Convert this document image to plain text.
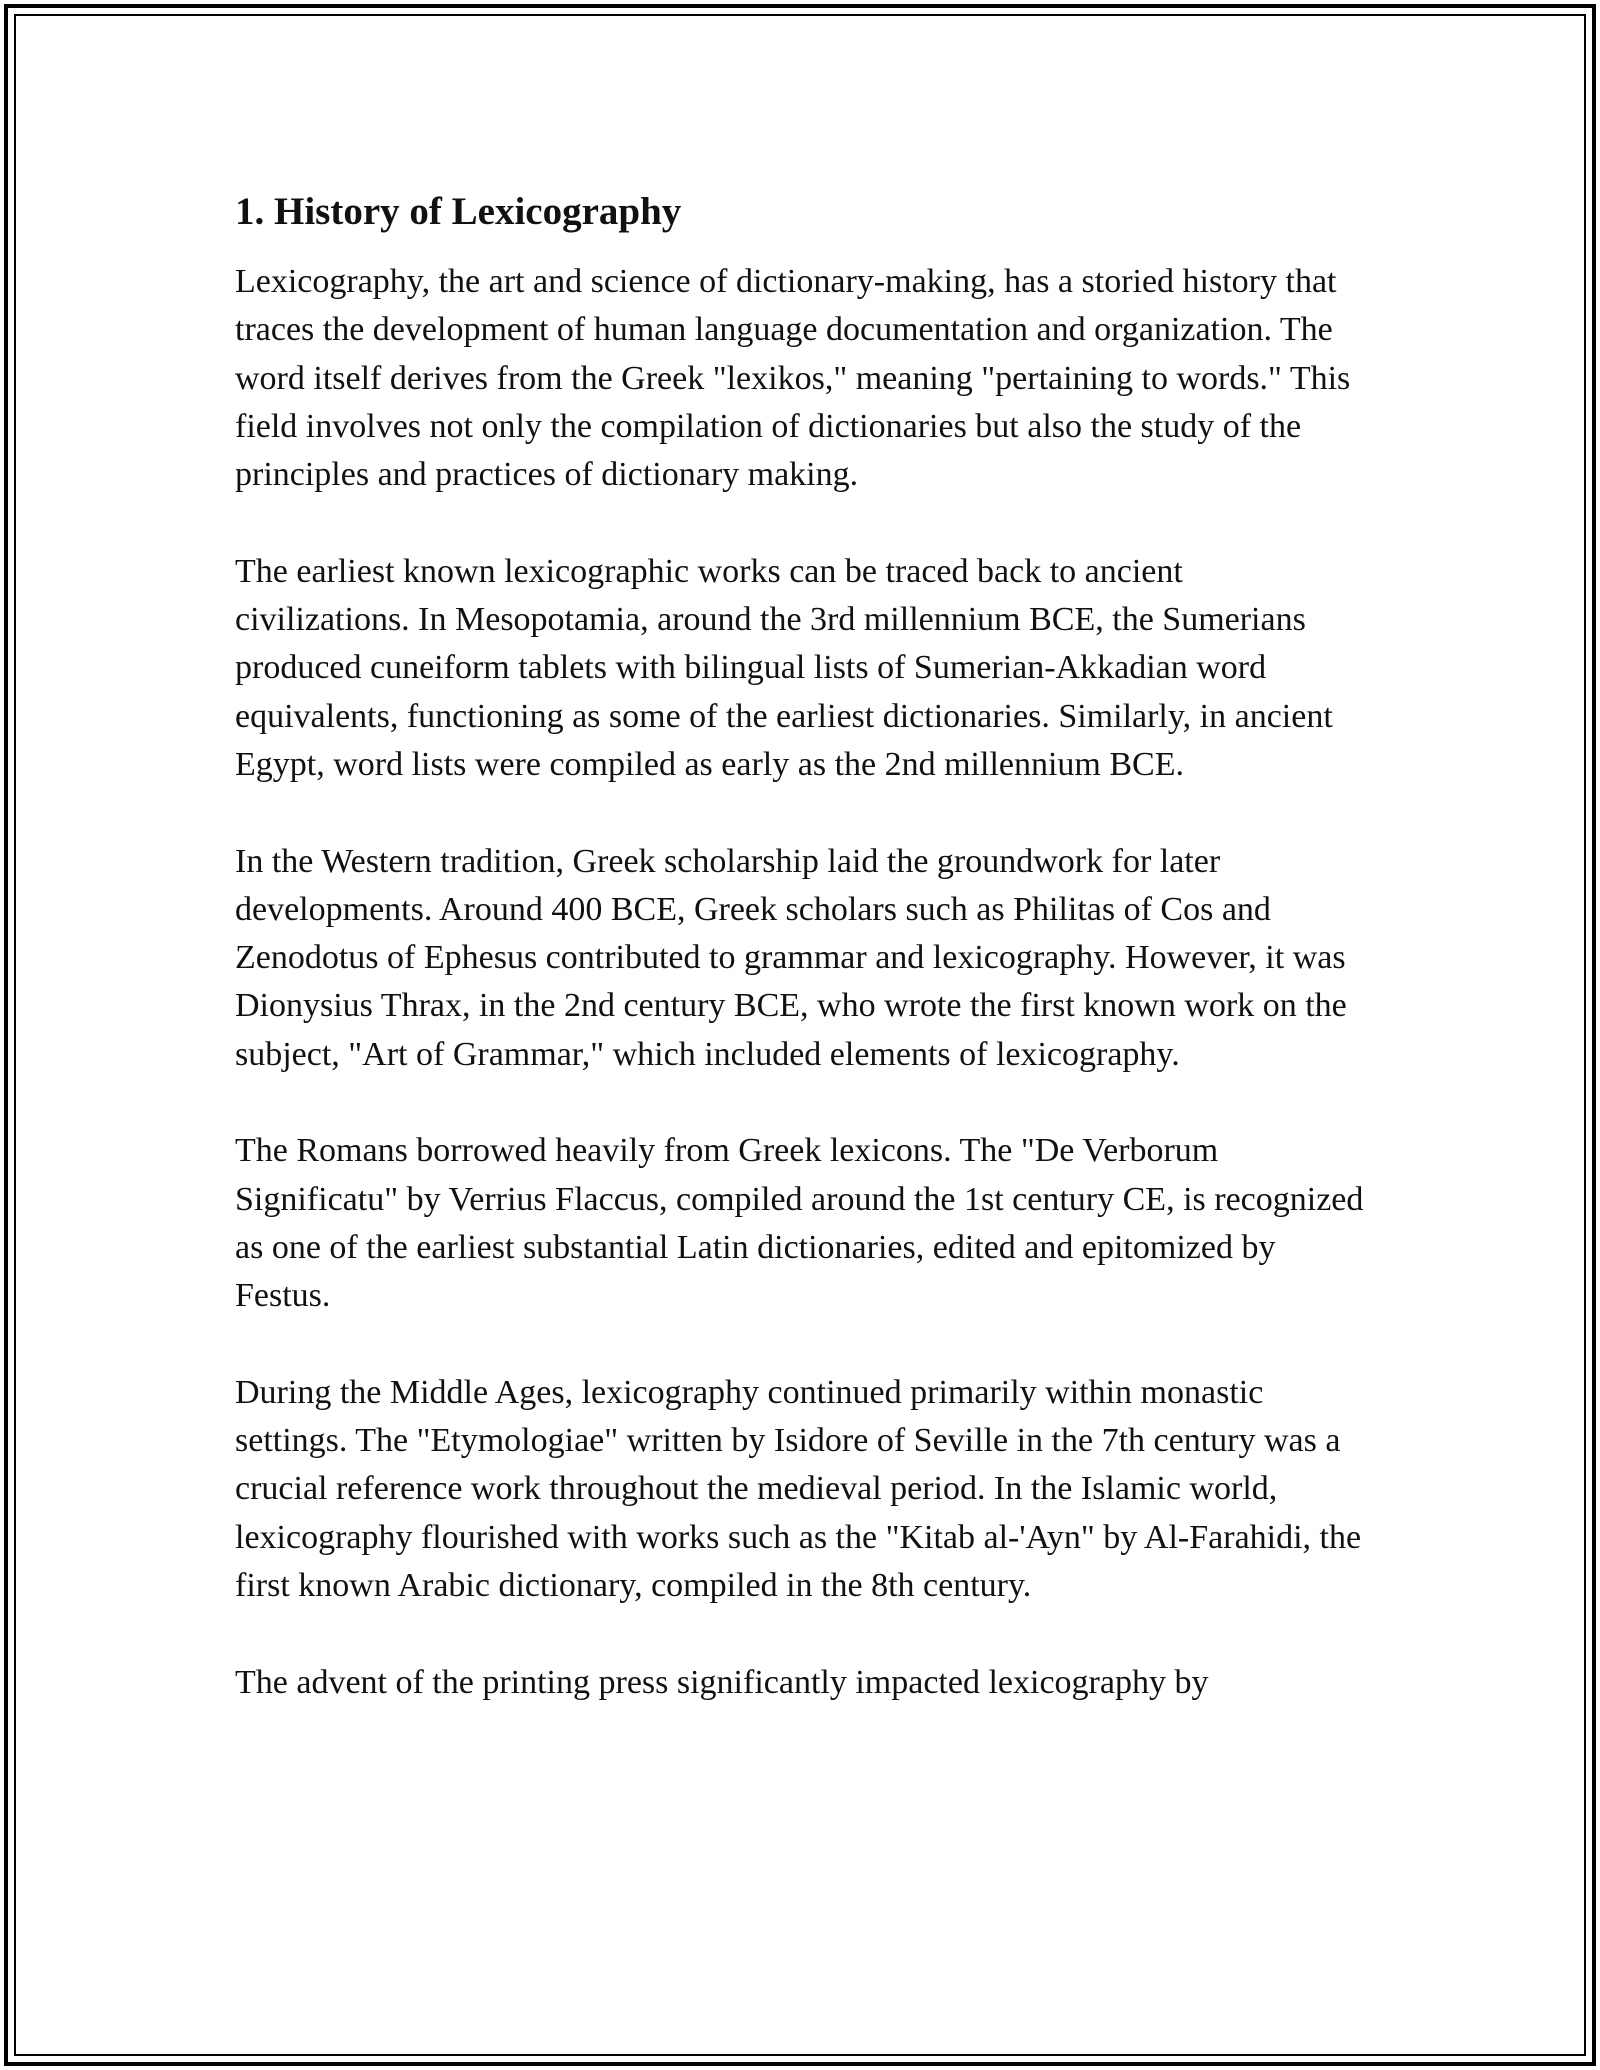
1. History of Lexicography

Lexicography, the art and science of dictionary-making, has a storied history that traces the development of human language documentation and organization. The word itself derives from the Greek "lexikos," meaning "pertaining to words." This field involves not only the compilation of dictionaries but also the study of the principles and practices of dictionary making.

The earliest known lexicographic works can be traced back to ancient civilizations. In Mesopotamia, around the 3rd millennium BCE, the Sumerians produced cuneiform tablets with bilingual lists of Sumerian-Akkadian word equivalents, functioning as some of the earliest dictionaries. Similarly, in ancient Egypt, word lists were compiled as early as the 2nd millennium BCE.

In the Western tradition, Greek scholarship laid the groundwork for later developments. Around 400 BCE, Greek scholars such as Philitas of Cos and Zenodotus of Ephesus contributed to grammar and lexicography. However, it was Dionysius Thrax, in the 2nd century BCE, who wrote the first known work on the subject, "Art of Grammar," which included elements of lexicography.

The Romans borrowed heavily from Greek lexicons. The "De Verborum Significatu" by Verrius Flaccus, compiled around the 1st century CE, is recognized as one of the earliest substantial Latin dictionaries, edited and epitomized by Festus.

During the Middle Ages, lexicography continued primarily within monastic settings. The "Etymologiae" written by Isidore of Seville in the 7th century was a crucial reference work throughout the medieval period. In the Islamic world, lexicography flourished with works such as the "Kitab al-'Ayn" by Al-Farahidi, the first known Arabic dictionary, compiled in the 8th century.

The advent of the printing press significantly impacted lexicography by
